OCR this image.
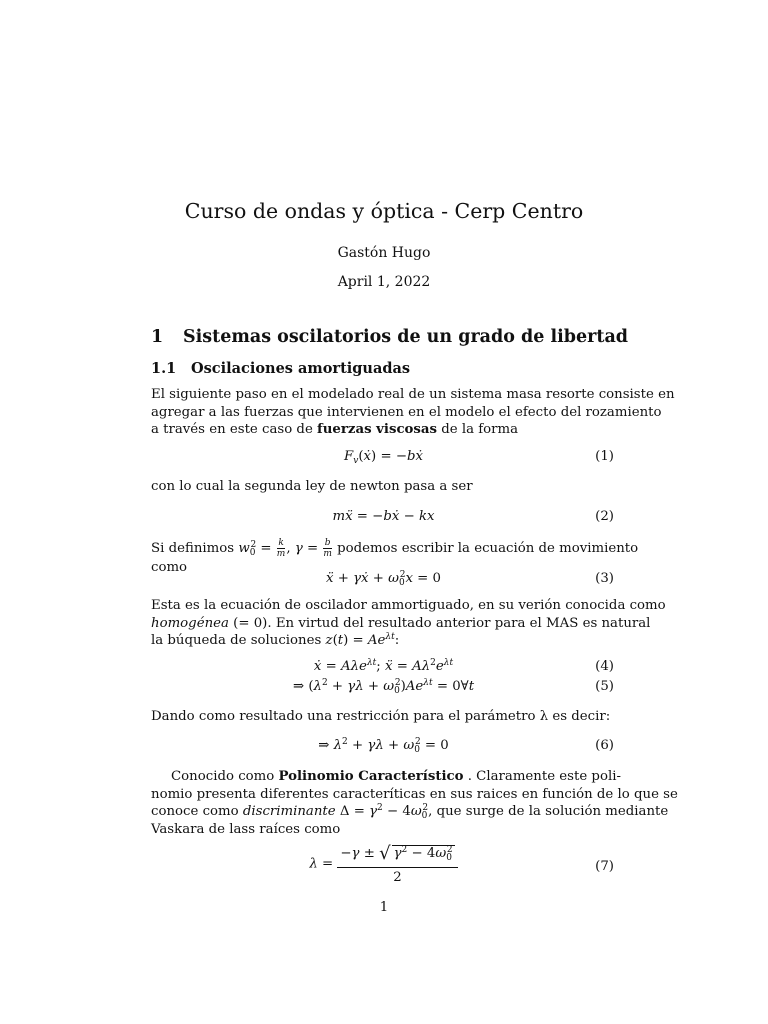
Curso de ondas y óptica - Cerp Centro
Gastón Hugo
April 1, 2022
1 Sistemas oscilatorios de un grado de libertad
1.1 Oscilaciones amortiguadas
El siguiente paso en el modelado real de un sistema masa resorte consiste en
agregar a las fuerzas que intervienen en el modelo el efecto del rozamiento
a través en este caso de fuerzas viscosas de la forma
$F_v(ẋ)$ = −bẋ	(1)
con lo cual la segunda ley de newton pasa a ser
mẍ = −bẋ − kx	(2)
Si definimos $w_0^2 = \frac{k}{m}$ , $\gamma = \frac{b}{m}$ podemos escribir la ecuación de movimiento
como
ẍ + γẋ + $\omega_0^2x = 0$	(3)
Esta es la ecuación de oscilador ammortiguado, en su verión conocida como
homogénea (= 0). En virtud del resultado anterior para el MAS es natural
la búqueda de soluciones $z(t) = Ae^{\lambda t}$:
ẋ = Aλe$^{\lambda t}$; ẍ = $A\lambda^2e^{\lambda t}$	(4)
⇒ $(\lambda^2 + \gamma\lambda + \omega_0^2)Ae^{\lambda t}$ = 0∀t	(5)
Dando como resultado una restricción para el parámetro λ es decir:
⇒ $\lambda^2 + \gamma\lambda + \omega_0^2 = 0$	(6)
Conocido como Polinomio Característico . Claramente este poli-
nomio presenta diferentes caracteríticas en sus raices en función de lo que se
conoce como discriminante $\Delta = \gamma^2 - 4\omega_0^2$, que surge de la solución mediante
Vaskara de lass raíces como
$\lambda = \frac{-\gamma \pm √ \gamma^2 - 4\omega_0^2}{2}$	(7)
1
